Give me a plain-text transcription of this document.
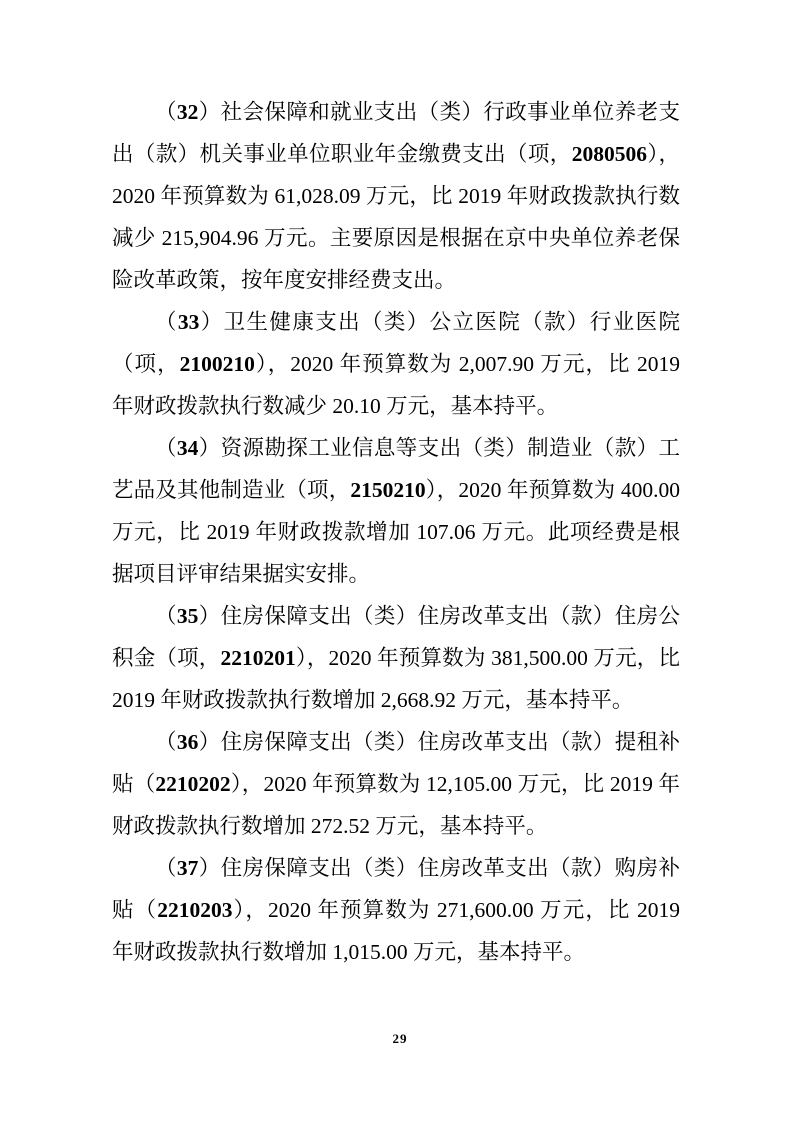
（32）社会保障和就业支出（类）行政事业单位养老支出（款）机关事业单位职业年金缴费支出（项，2080506），2020 年预算数为 61,028.09 万元，比 2019 年财政拨款执行数减少 215,904.96 万元。主要原因是根据在京中央单位养老保险改革政策，按年度安排经费支出。

（33）卫生健康支出（类）公立医院（款）行业医院（项，2100210），2020 年预算数为 2,007.90 万元，比 2019 年财政拨款执行数减少 20.10 万元，基本持平。

（34）资源勘探工业信息等支出（类）制造业（款）工艺品及其他制造业（项，2150210），2020 年预算数为 400.00 万元，比 2019 年财政拨款增加 107.06 万元。此项经费是根据项目评审结果据实安排。

（35）住房保障支出（类）住房改革支出（款）住房公积金（项，2210201），2020 年预算数为 381,500.00 万元，比 2019 年财政拨款执行数增加 2,668.92 万元，基本持平。

（36）住房保障支出（类）住房改革支出（款）提租补贴（2210202），2020 年预算数为 12,105.00 万元，比 2019 年财政拨款执行数增加 272.52 万元，基本持平。

（37）住房保障支出（类）住房改革支出（款）购房补贴（2210203），2020 年预算数为 271,600.00 万元，比 2019 年财政拨款执行数增加 1,015.00 万元，基本持平。

29
